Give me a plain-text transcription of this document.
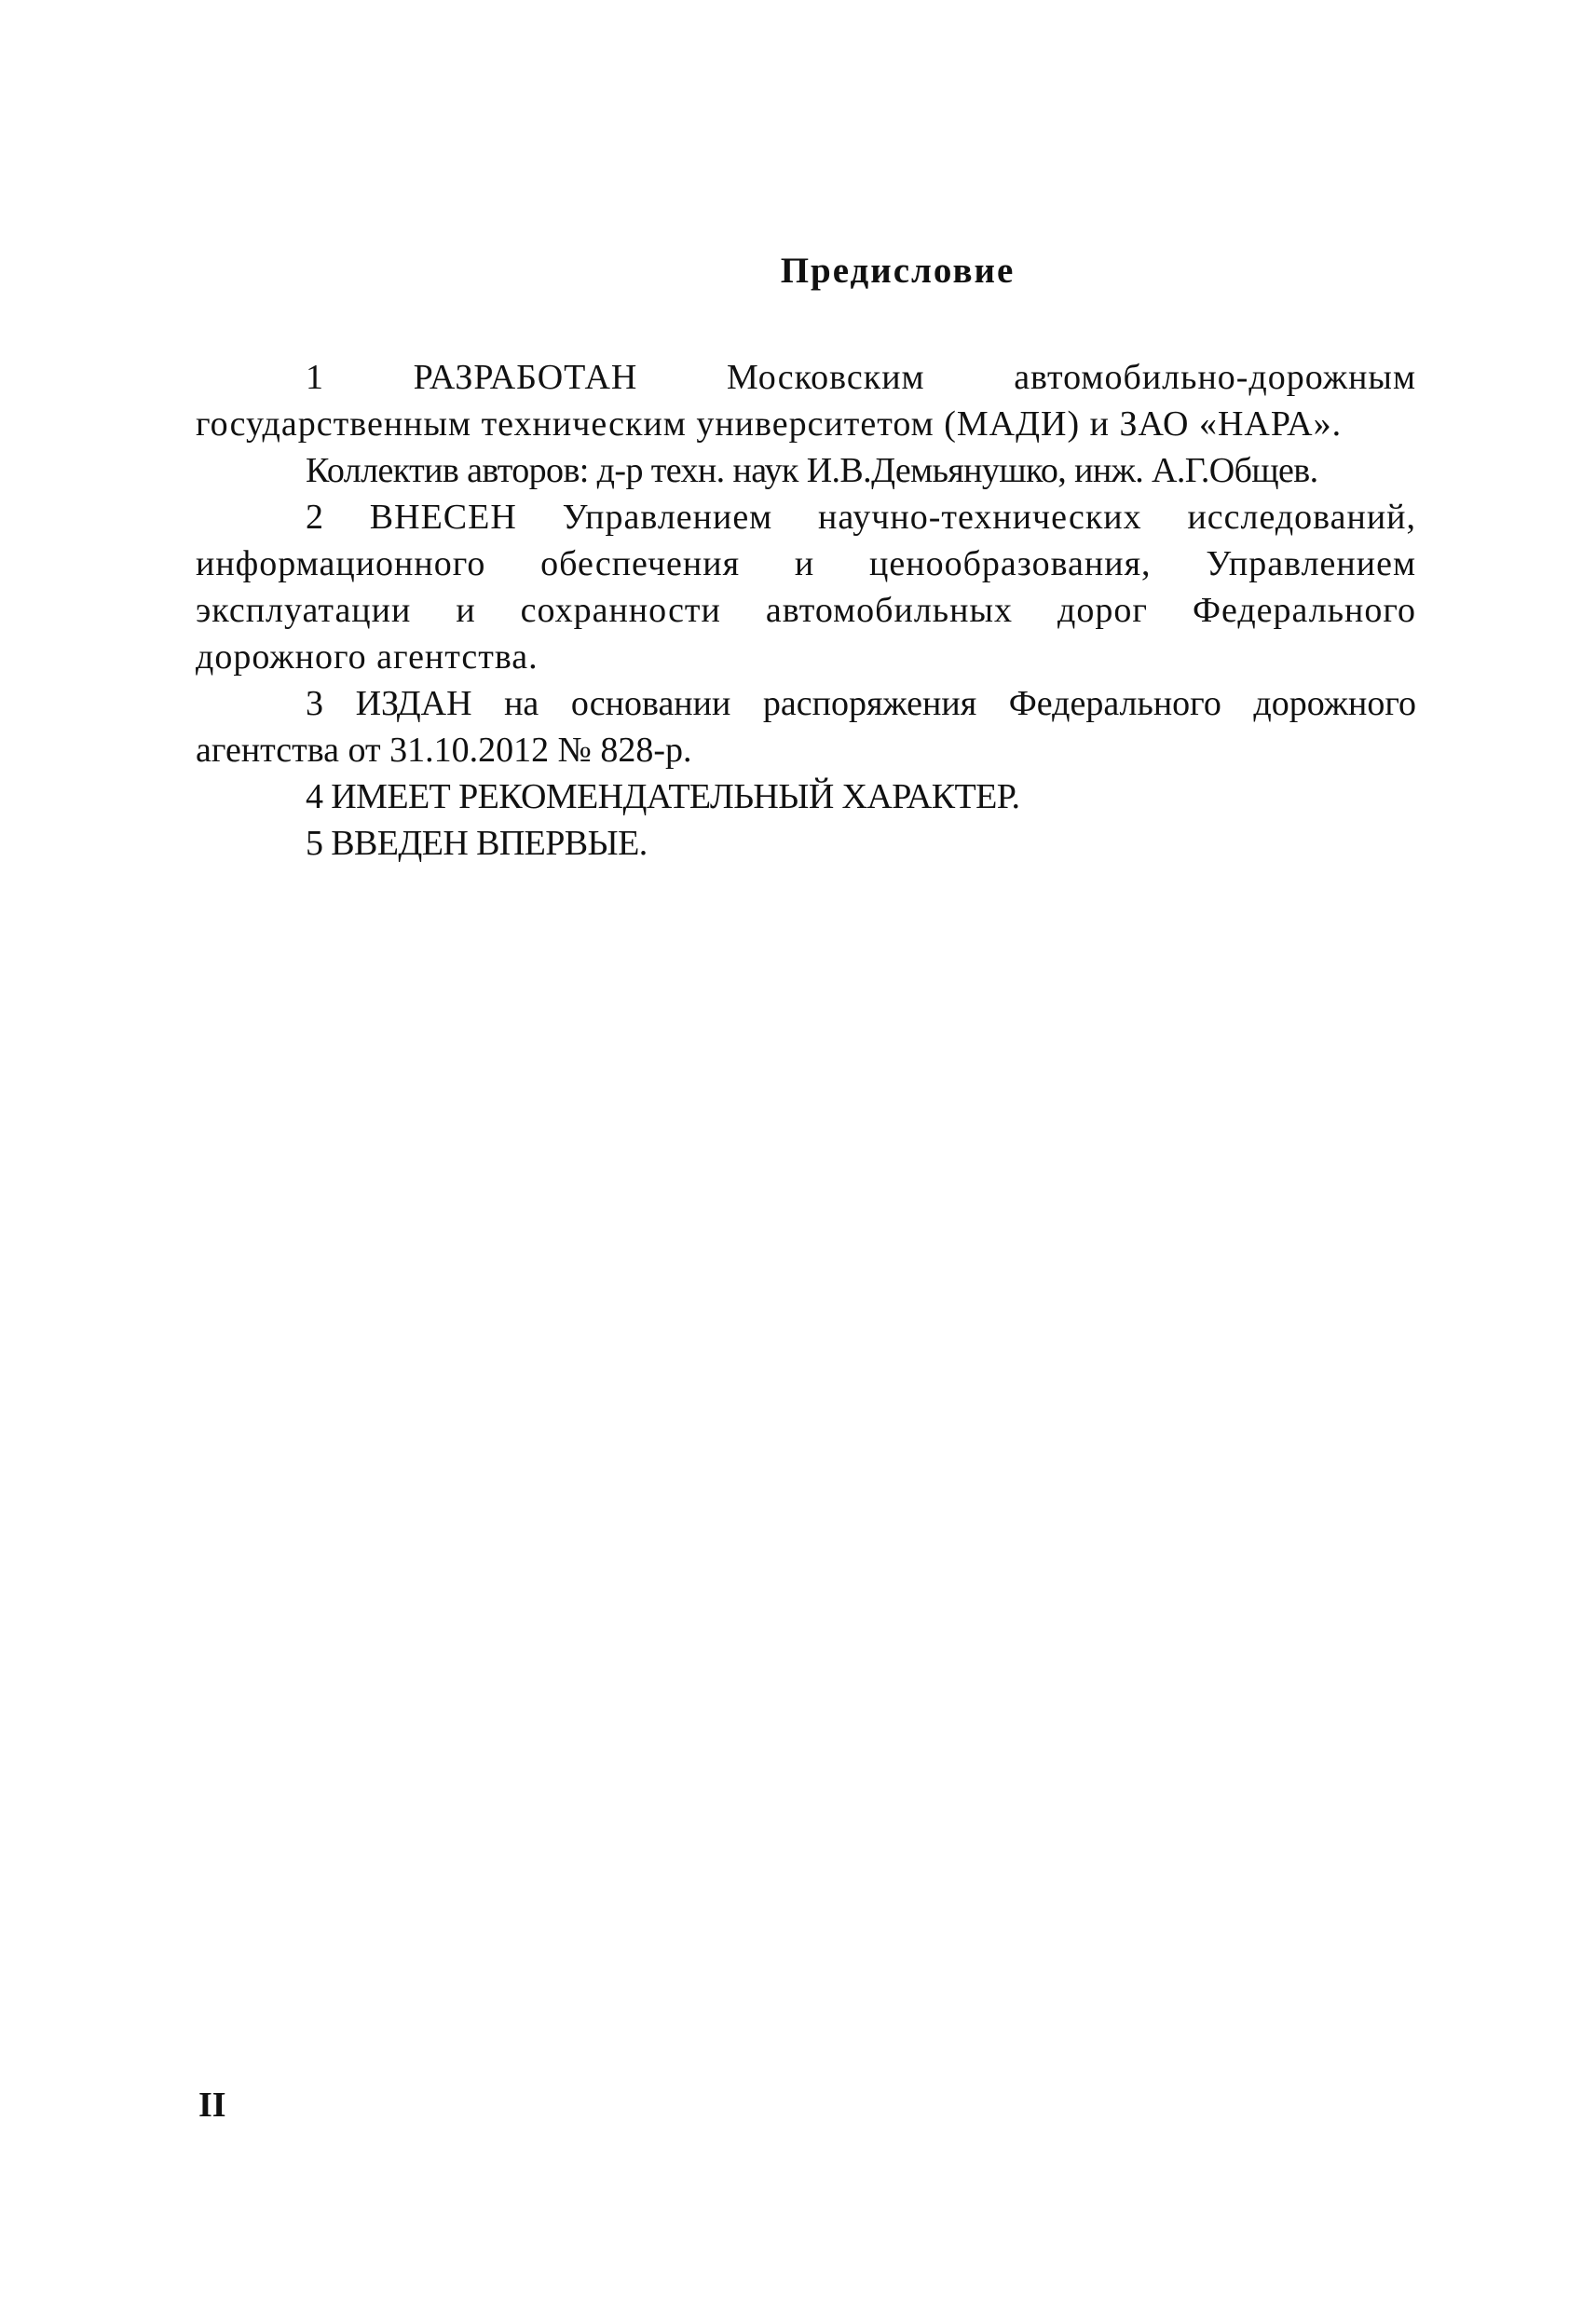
Предисловие

1 РАЗРАБОТАН Московским автомобильно-дорожным государственным техническим университетом (МАДИ) и ЗАО «НАРА».

Коллектив авторов: д-р техн. наук И.В.Демьянушко, инж. А.Г.Общев.

2 ВНЕСЕН Управлением научно-технических исследований, информационного обеспечения и ценообразования, Управлением эксплуатации и сохранности автомобильных дорог Федерального дорожного агентства.

3 ИЗДАН на основании распоряжения Федерального дорожного агентства от 31.10.2012 № 828-р.

4 ИМЕЕТ РЕКОМЕНДАТЕЛЬНЫЙ ХАРАКТЕР.

5 ВВЕДЕН ВПЕРВЫЕ.

II
